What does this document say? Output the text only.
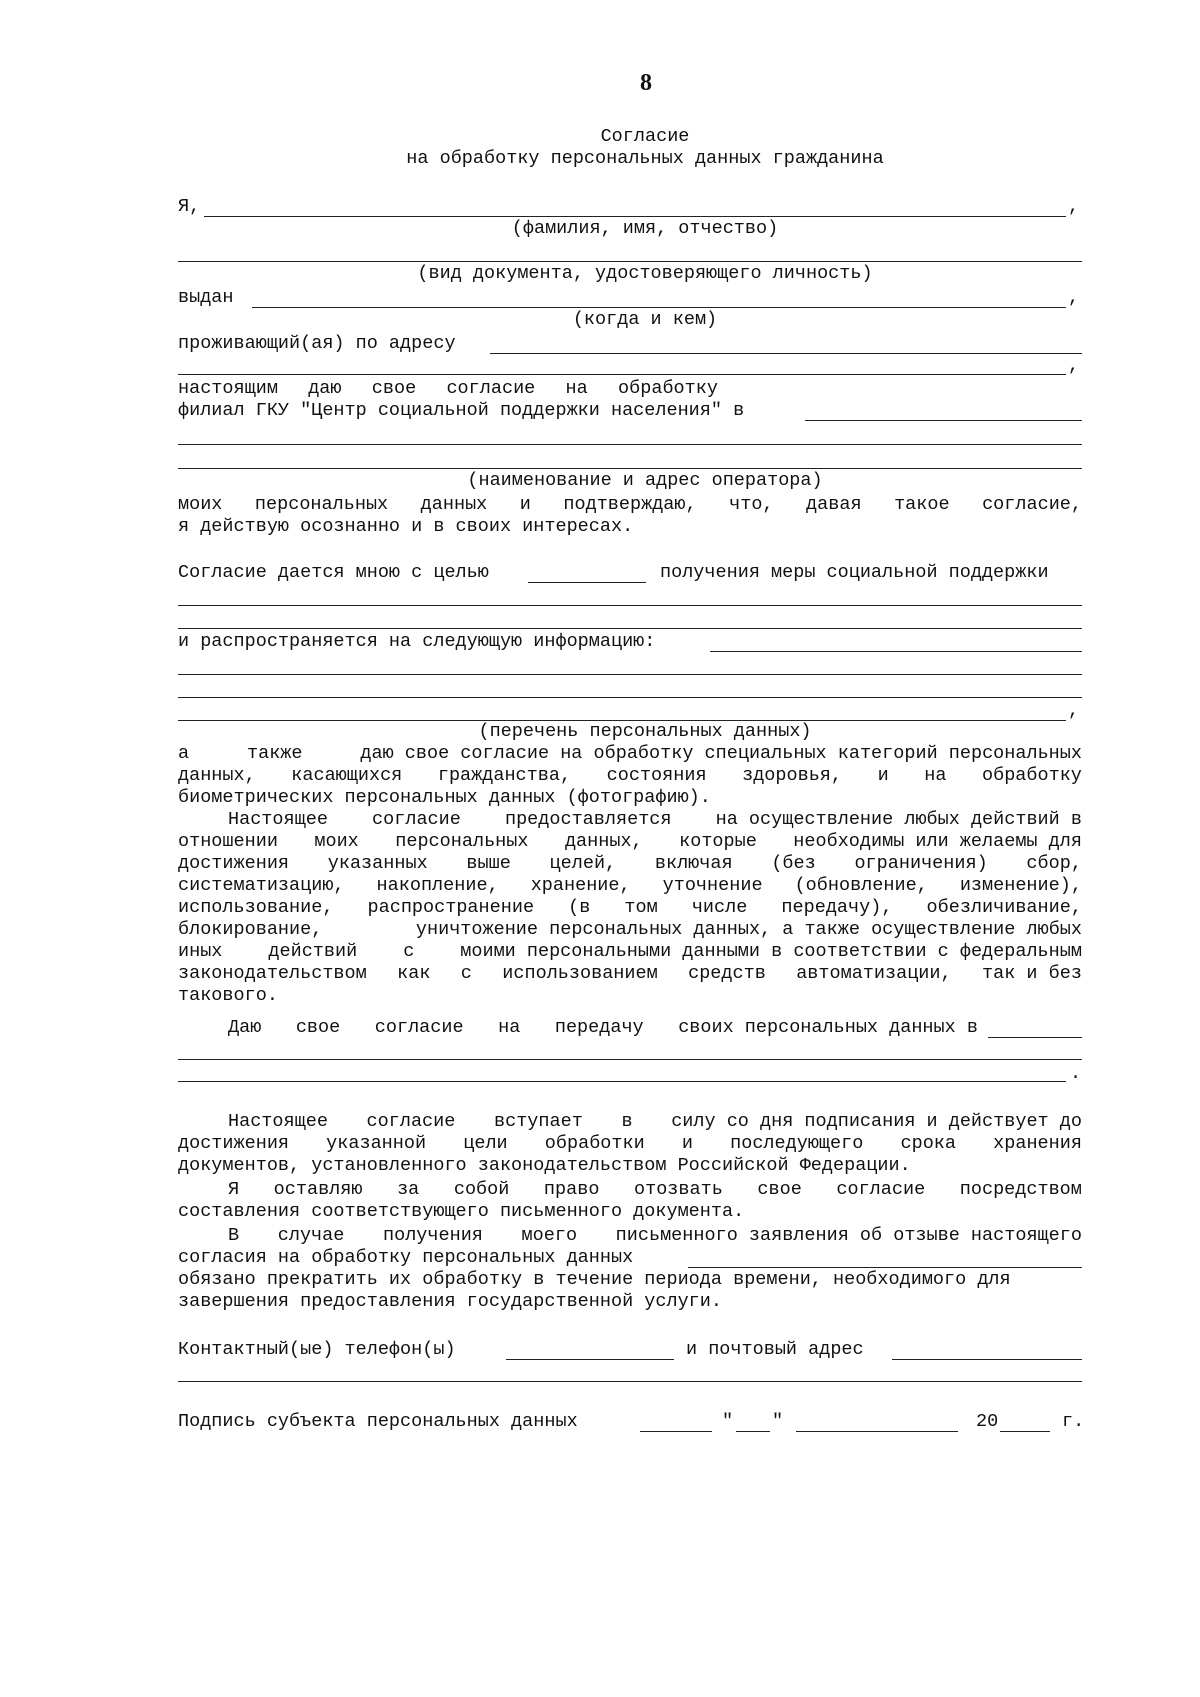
8
Согласие
на обработку персональных данных гражданина
Я,	,
(фамилия, имя, отчество)
(вид документа, удостоверяющего личность)
выдан	,
(когда и кем)
проживающий(ая) по адресу
,
настоящим даю свое согласие на обработку
филиал ГКУ "Центр социальной поддержки населения" в
(наименование и адрес оператора)
моих персональных данных и подтверждаю, что, давая такое согласие,
я действую осознанно и в своих интересах.
Согласие дается мною с целью	получения меры социальной поддержки
и распространяется на следующую информацию:
,
(перечень персональных данных)
а	также	даю свое согласие на обработку специальных категорий персональных
данных, касающихся гражданства, состояния здоровья, и на обработку
биометрических персональных данных (фотографию).
Настоящее согласие предоставляется на осуществление любых действий в
отношении моих персональных данных, которые необходимы или желаемы для
достижения указанных выше целей, включая (без ограничения) сбор,
систематизацию, накопление, хранение, уточнение (обновление, изменение),
использование, распространение (в том числе передачу), обезличивание,
блокирование,	уничтожение персональных данных, а также осуществление любых
иных действий с моими персональными данными в соответствии с федеральным
законодательством как с использованием средств автоматизации, так и без
такового.
Даю свое согласие на передачу своих персональных данных в
.
Настоящее согласие вступает в силу со дня подписания и действует до
достижения указанной цели обработки и последующего срока хранения
документов, установленного законодательством Российской Федерации.
Я оставляю за собой право отозвать свое согласие посредством
составления соответствующего письменного документа.
В случае получения моего письменного заявления об отзыве настоящего
согласия на обработку персональных данных
обязано прекратить их обработку в течение периода времени, необходимого для
завершения предоставления государственной услуги.
Контактный(ые) телефон(ы)	и почтовый адрес
Подпись субъекта персональных данных	" "	20	г.
